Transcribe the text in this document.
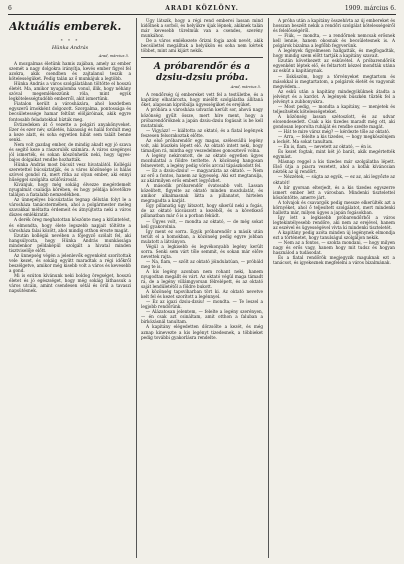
6	ARADI KÖZLÖNY.	1909. március 6.
Aktuális emberek.
* * *
Hünka András
Arad, március 5.

A mozgalmas életünk hamis zajában, amely az ember szemét a nagy dolgokra irányítja, kevés ember figyel fel azokra, akik csendben és zajtalanul teszik a kötelességüket. Pedig talán az ő munkájuk a legtöbb.

Hünka András a város szolgálatában töltötte el hosszú életét. Ma, amikor nyugalomba vonul, illik, hogy néhány szóval megemlékezzünk róla, mint egyik legkötelességtudóbb emberről, akit ismertünk.

Fiatalon került a városházára, ahol kezdetben egyszerű írnokként dolgozott. Szorgalma, pontossága és becsületessége hamar feltűnt elöljáróinak, akik egyre fontosabb feladatokkal bízták meg.

Évtizedeken át ő vezette a polgári anyakönyveket. Ezer és ezer név, születés, házasság és halál fordult meg a keze alatt, és soha egyetlen hibát sem talált benne senki.

Nem volt gazdag ember, de mindig akadt egy jó szava és segítő keze a rászorulók számára. A város szegényei jól ismerték, és sokan köszönhetik neki, hogy ügyes-bajos dolgaikat rendbe hozhatták.

Hünka András most búcsút vesz hivatalától. Kollégái szeretettel búcsúztatják, és a város közönsége is hálás szívvel gondol rá, mert ritka az olyan ember, aki ennyi hűséggel szolgálta szülővárosát.

Kívánjuk, hogy még sokáig élvezze megérdemelt nyugalmát családja körében, és hogy példája követőkre találjon a fiatalabb nemzedékben.

Az ünnepélyes búcsúztatás tegnap délután folyt le a városháza tanácstermében, ahol a polgármester meleg szavakkal méltatta érdemeit és átnyújtotta neki a város díszes emlékiratát.

A derék öreg meghatottan köszönte meg a kitüntetést, és elmondta, hogy élete legszebb napjait töltötte a városháza falai között, ahol mindig otthon érezte magát.

Ezután kollégái nevében a főjegyző szólalt fel, aki hangsúlyozta, hogy Hünka András munkássága mindenkor példaképül szolgált a hivatal minden tisztviselője előtt.

Az ünnepség végén a jelenlevők egyenként szorítottak vele kezet, és sokáig együtt maradtak a régi időkről beszélgetve, amikor még kisebb volt a város és kevesebb a gond.

Mi is ezúton kívánunk neki boldog öregséget, hosszú életet és jó egészséget, hogy még sokáig láthassuk a város utcáin, amint csendesen sétál és örül a tavaszi napsütésnek.

Úgy látszik, hogy a régi rend emberei lassan mind kidőlnek a sorból, és helyükre újak lépnek, akiknek talán már kevesebb türelmük van a csendes, szerény munkához.

De a város emlékezete őrizni fogja azok nevét, akik becsülettel megálltak a helyükön és soha nem kértek többet, mint ami kijárt nekik.

A próbarendőr és a dzsiu-dzsiu próba.
Arad, március 5.

A rendőrség új embereket vett fel a testületbe, és a kapitány elhatározta, hogy mielőtt szolgálatba állítaná őket, alaposan kipróbálja ügyességüket és erejüket.

A próbára a városháza udvarán került sor, ahová nagy közönség gyűlt össze, mert híre ment, hogy a próbarendőröknek a japán dzsiu-dzsiu fogásait is be kell mutatniuk.

— Vigyázz! — kiáltotta az oktató, és a fiatal legények feszesen felsorakoztak előtte.

Az első próbarendőr egy magas, szélesvállú legény volt, aki büszkén lépett elő. Az oktató intett neki, hogy támadjon rá, mintha egy veszedelmes gonosztevő volna.

A legény nekirontott, de az oktató egyetlen ügyes mozdulattal a földre terítette. A közönség hangosan felnevetett, a legény pedig vörös arccal tápászkodott fel.

— Ez a dzsiu-dzsiu! — magyarázta az oktató. — Nem az erő a fontos, hanem az ügyesség. Aki ezt megtanulja, az akármilyen erős embert legyőzhet.

A második próbarendőr óvatosabb volt. Lassan közelített, figyelte az oktató minden mozdulatát, és amikor alkalmasnak látta a pillanatot, hirtelen megragadta a karját.

Egy pillanatig úgy látszott, hogy sikerül neki a fogás, de az oktató kicsúszott a kezéből, és a következő pillanatban már ő is a porban feküdt.

— Ügyes volt, — mondta az oktató, — de még sokat kell gyakorolnia.

Így ment ez sorra. Egyik próbarendőr a másik után terült el a homokban, a közönség pedig egyre jobban mulatott a látványon.

Végül a legkisebb és legvékonyabb legény került sorra. Senki sem várt tőle semmit, és sokan már előre nevettek rajta.

— Na, fiam, — szólt az oktató jóindulatúan, — próbáld meg te is.

A kis legény azonban nem rohant neki, hanem nyugodtan megállt és várt. Az oktató végül maga támadt rá, de a legény villámgyorsan félrelépett, és az oktató saját lendületétől a földre bukott.

A közönség tapsviharban tört ki. Az oktató nevetve kelt fel és kezet szorított a legénnyel.

— Ez az igazi dzsiu-dzsiu! — mondta. — Te leszel a legjobb rendőrünk.

— Alázatosan jelentem, — felelte a legény szerényen, — én csak azt csináltam, amit otthon a faluban a birkózásnál tanultam.

A kapitány elégedetten dörzsölte a kezét, és még aznap kinevezte a kis legényt tizedesnek, a többieket pedig további gyakorlásra rendelte.

A próba után a kapitány összehívta az új embereket és hosszan beszélt nekik a rendőri szolgálat kötelességeiről és felelősségéről.

— Fiúk, — mondta, — a rendőrnek nemcsak erősnek kell lennie, hanem okosnak és becsületesnek is. A polgárok bizalma a legfőbb fegyverünk.

A legények figyelmesen hallgatták, és megfogadták, hogy mindig szem előtt tartják a kapitány szavait.

Ezután következett az esküvétel. A próbarendőrök egyenként léptek elő, és feltartott kézzel mondták utána az esküt a kapitánynak.

— Esküszöm, hogy a törvényeket megtartom és másokkal is megtartatom, a polgárok életét és vagyonát megvédem...

Az eskü után a kapitány mindegyiküknek átadta a jelvényt és a kardot. A legények büszkén tűzték fel a jelvényt a zubbonyukra.

— Most pedig, — mondta a kapitány, — menjetek és teljesítsétek kötelességeteket.

A közönség lassan szétoszlott, és az udvar elcsendesedett. Csak a kis tizedes maradt még ott, aki gondosan leporolta ruháját és rendbe szedte magát.

— Hát te mire vársz még? — kérdezte tőle az oktató.

— Arra, — felelte a kis tizedes, — hogy megköszönjem a leckét. Ma sokat tanultam.

— Én is, fiam, — nevetett az oktató, — én is.

És kezet fogtak, mint két jó barát, akik megértették egymást.

Másnap reggel a kis tizedes már szolgálatba lépett. Első útja a piacra vezetett, ahol a kofák kíváncsian nézték az új rendőrt.

— Nézzétek, — súgta az egyik, — ez az, aki legyőzte az oktatót!

A hír gyorsan elterjedt, és a kis tizedes egyszerre ismert ember lett a városban. Mindenki tisztelettel köszöntötte, amerre járt.

A tolvajok és csavargók pedig messze elkerülték azt a környéket, ahol ő teljesített szolgálatot, mert mindenki hallotta már, milyen ügyes a japán fogásokban.

Így lett a legkisebb próbarendőrből a város legtekintélyesebb rendőre, aki nem az erejével, hanem az eszével és ügyességével vívta ki mindenki tiszteletét.

A kapitány pedig azóta minden új legénynek elmondja ezt a történetet, hogy tanulságul szolgáljon nekik.

— Nem az a fontos, — szokta mondani, — hogy milyen nagy és erős vagy, hanem hogy mit tudsz és hogyan használod a tudásodat.

És a fiatal rendőrök megjegyzik maguknak ezt a tanácsot, és igyekeznek megfelelni a város bizalmának.
